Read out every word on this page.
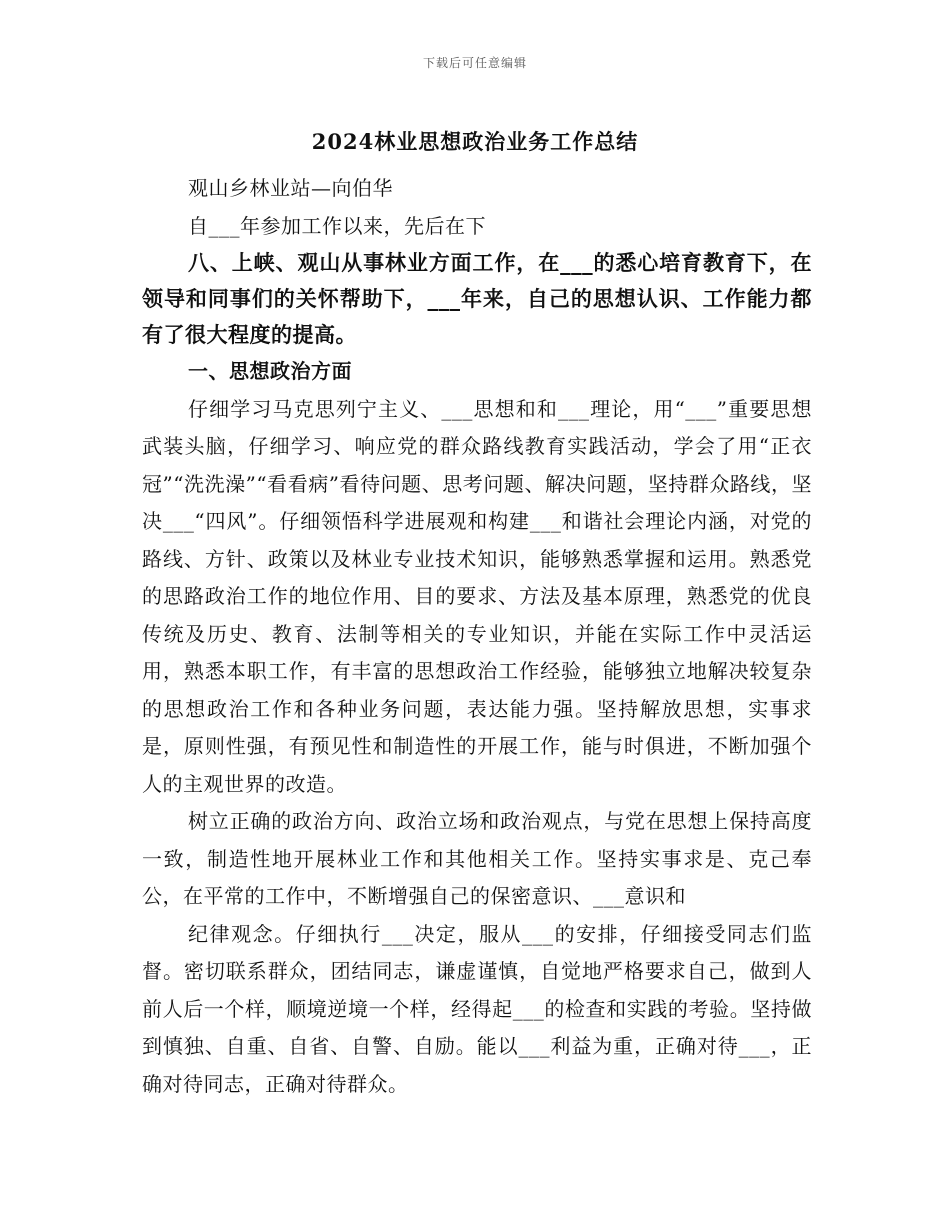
下载后可任意编辑
2024林业思想政治业务工作总结

观山乡林业站—向伯华

自___年参加工作以来，先后在下

八、上峡、观山从事林业方面工作，在___的悉心培育教育下，在领导和同事们的关怀帮助下，___年来，自己的思想认识、工作能力都有了很大程度的提高。

一、思想政治方面

仔细学习马克思列宁主义、___思想和和___理论，用“___”重要思想武装头脑，仔细学习、响应党的群众路线教育实践活动，学会了用“正衣冠”“洗洗澡”“看看病”看待问题、思考问题、解决问题，坚持群众路线，坚决___“四风”。仔细领悟科学进展观和构建___和谐社会理论内涵，对党的路线、方针、政策以及林业专业技术知识，能够熟悉掌握和运用。熟悉党的思路政治工作的地位作用、目的要求、方法及基本原理，熟悉党的优良传统及历史、教育、法制等相关的专业知识，并能在实际工作中灵活运用，熟悉本职工作，有丰富的思想政治工作经验，能够独立地解决较复杂的思想政治工作和各种业务问题，表达能力强。坚持解放思想，实事求是，原则性强，有预见性和制造性的开展工作，能与时俱进，不断加强个人的主观世界的改造。

树立正确的政治方向、政治立场和政治观点，与党在思想上保持高度一致，制造性地开展林业工作和其他相关工作。坚持实事求是、克己奉公，在平常的工作中，不断增强自己的保密意识、___意识和

纪律观念。仔细执行___决定，服从___的安排，仔细接受同志们监督。密切联系群众，团结同志，谦虚谨慎，自觉地严格要求自己，做到人前人后一个样，顺境逆境一个样，经得起___的检查和实践的考验。坚持做到慎独、自重、自省、自警、自励。能以___利益为重，正确对待___，正确对待同志，正确对待群众。
